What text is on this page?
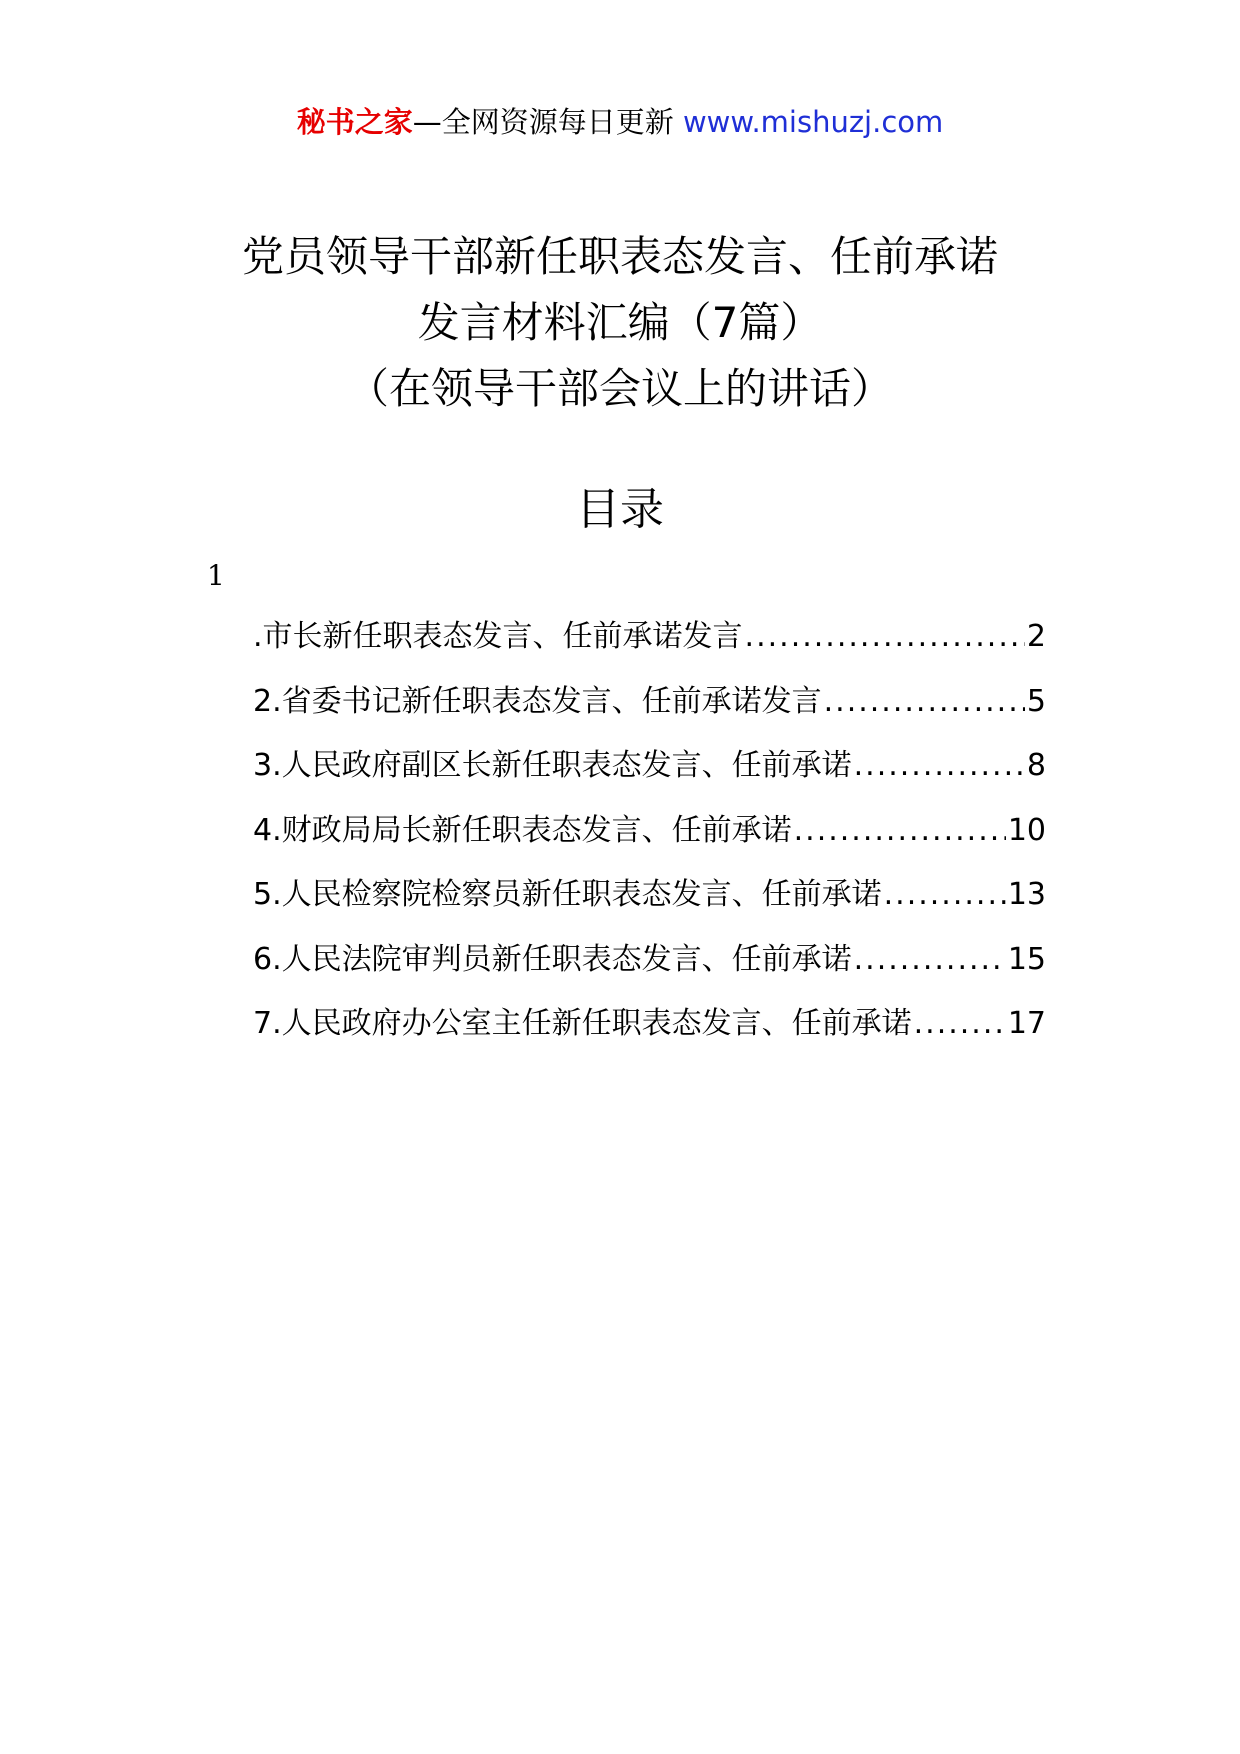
秘书之家—全网资源每日更新 www.mishuzj.com
党员领导干部新任职表态发言、任前承诺
发言材料汇编（7篇）
（在领导干部会议上的讲话）
目录
1
.市长新任职表态发言、任前承诺发言 .....	2
2.省委书记新任职表态发言、任前承诺发言 .....	5
3.人民政府副区长新任职表态发言、任前承诺 .....	8
4.财政局局长新任职表态发言、任前承诺 .....	10
5.人民检察院检察员新任职表态发言、任前承诺 .....	13
6.人民法院审判员新任职表态发言、任前承诺 .....	15
7.人民政府办公室主任新任职表态发言、任前承诺 .....	17
